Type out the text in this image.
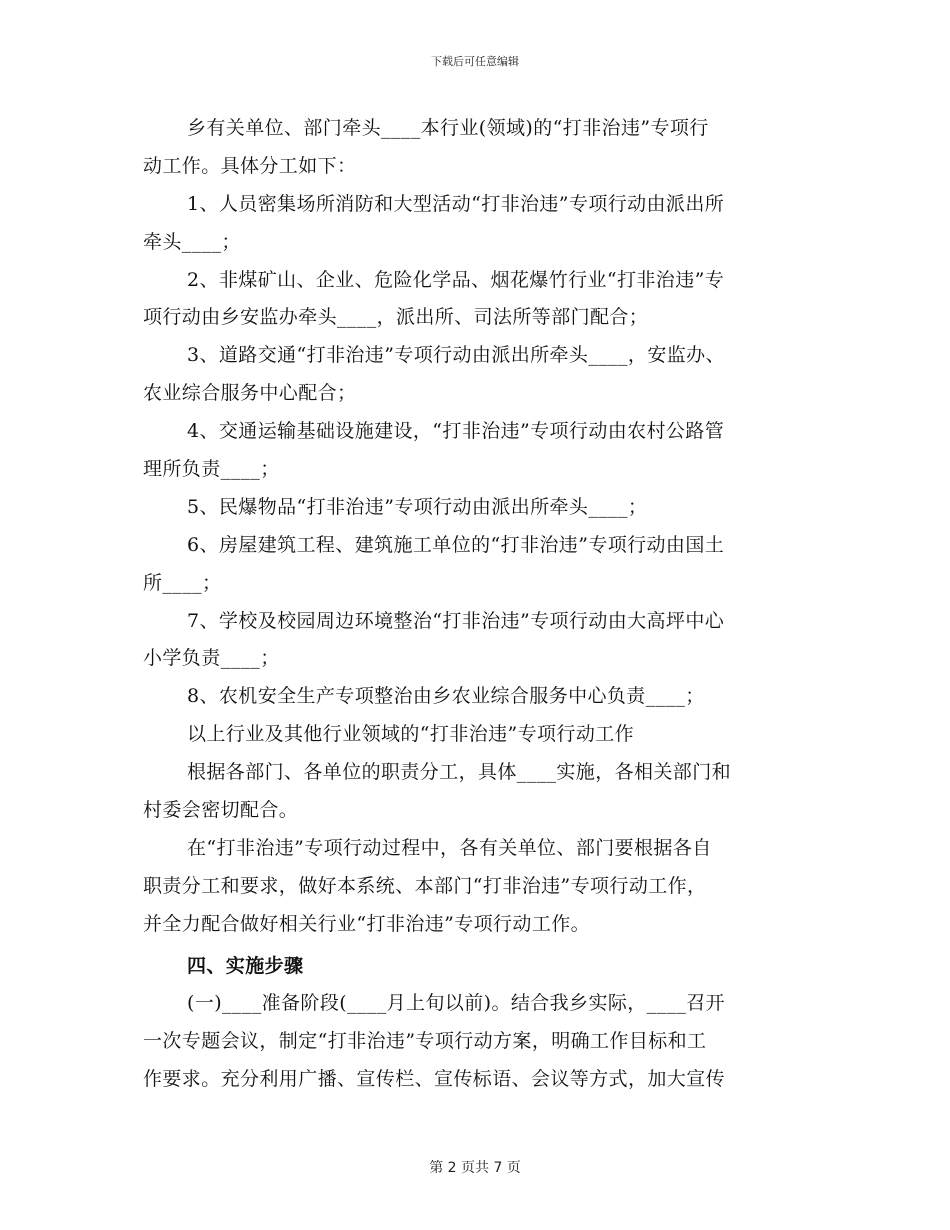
下载后可任意编辑
乡有关单位、部门牵头____本行业(领域)的“打非治违”专项行
动工作。具体分工如下：
1、人员密集场所消防和大型活动“打非治违”专项行动由派出所
牵头____；
2、非煤矿山、企业、危险化学品、烟花爆竹行业“打非治违”专
项行动由乡安监办牵头____，派出所、司法所等部门配合；
3、道路交通“打非治违”专项行动由派出所牵头____，安监办、
农业综合服务中心配合；
4、交通运输基础设施建设，“打非治违”专项行动由农村公路管
理所负责____；
5、民爆物品“打非治违”专项行动由派出所牵头____；
6、房屋建筑工程、建筑施工单位的“打非治违”专项行动由国土
所____；
7、学校及校园周边环境整治“打非治违”专项行动由大高坪中心
小学负责____；
8、农机安全生产专项整治由乡农业综合服务中心负责____；
以上行业及其他行业领域的“打非治违”专项行动工作
根据各部门、各单位的职责分工，具体____实施，各相关部门和
村委会密切配合。
在“打非治违”专项行动过程中，各有关单位、部门要根据各自
职责分工和要求，做好本系统、本部门“打非治违”专项行动工作，
并全力配合做好相关行业“打非治违”专项行动工作。
四、实施步骤
(一)____准备阶段(____月上旬以前)。结合我乡实际，____召开
一次专题会议，制定“打非治违”专项行动方案，明确工作目标和工
作要求。充分利用广播、宣传栏、宣传标语、会议等方式，加大宣传
第 2 页共 7 页
